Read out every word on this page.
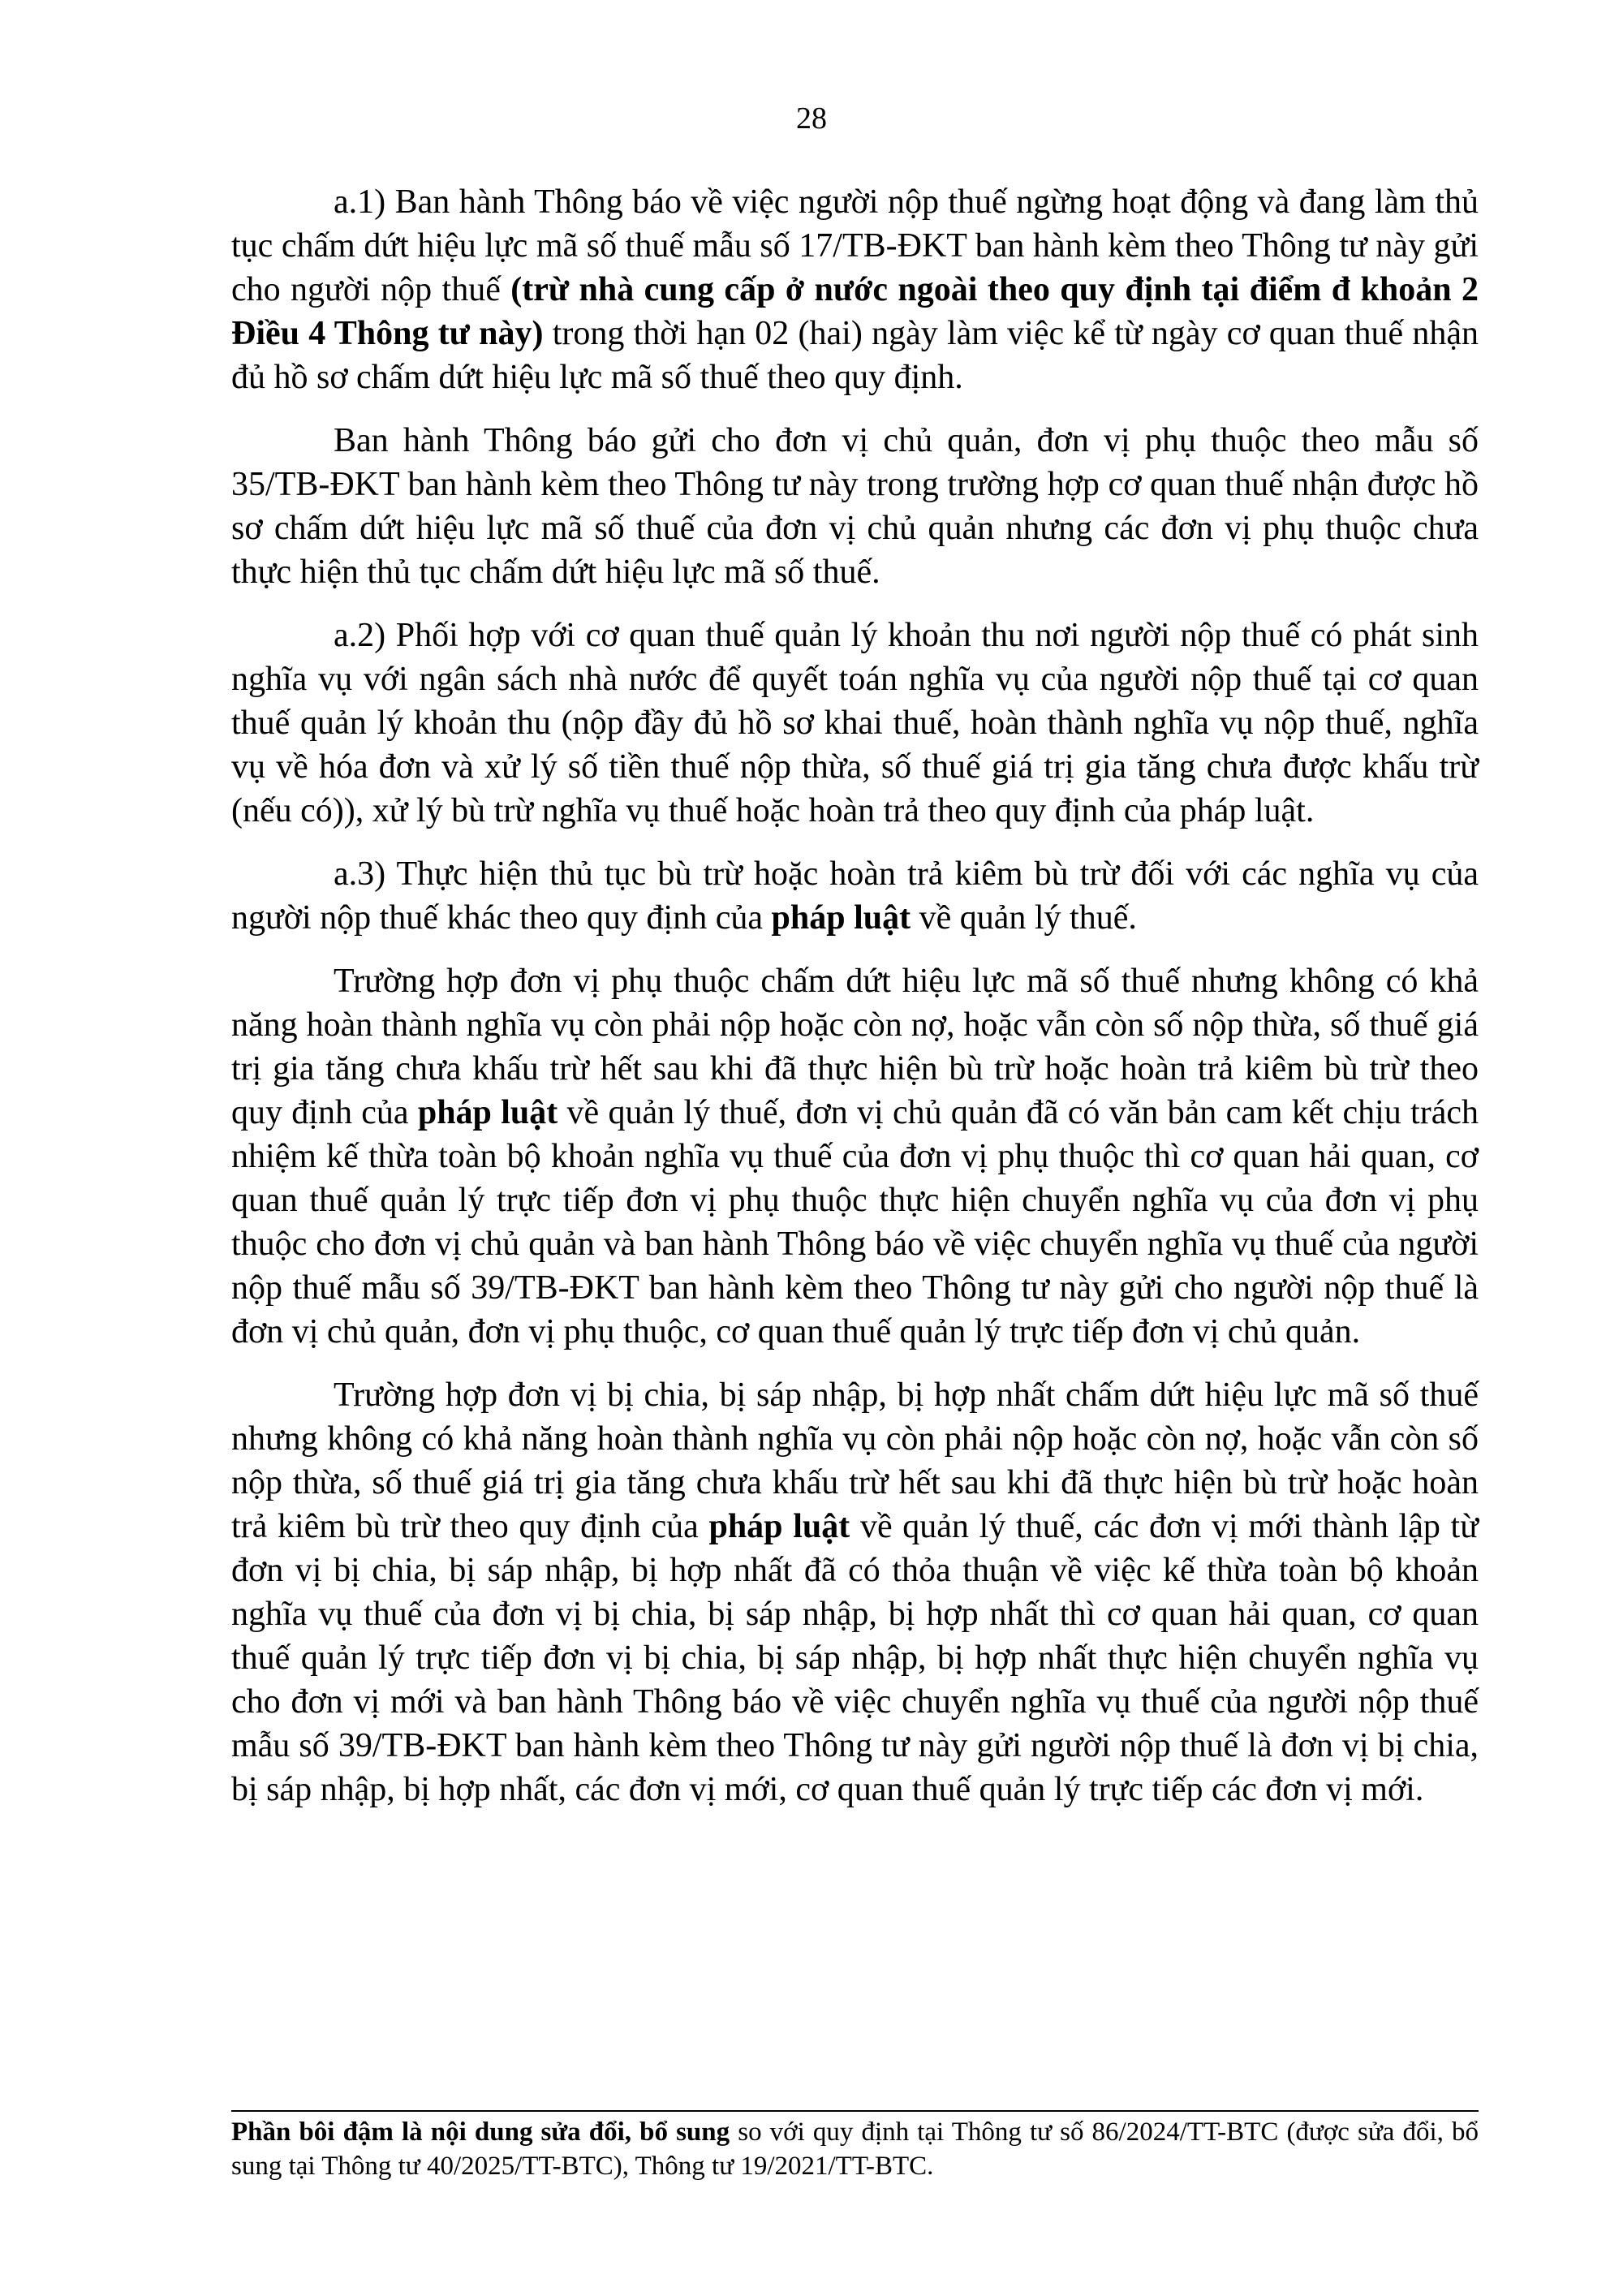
28

a.1) Ban hành Thông báo về việc người nộp thuế ngừng hoạt động và đang làm thủ tục chấm dứt hiệu lực mã số thuế mẫu số 17/TB-ĐKT ban hành kèm theo Thông tư này gửi cho người nộp thuế (trừ nhà cung cấp ở nước ngoài theo quy định tại điểm đ khoản 2 Điều 4 Thông tư này) trong thời hạn 02 (hai) ngày làm việc kể từ ngày cơ quan thuế nhận đủ hồ sơ chấm dứt hiệu lực mã số thuế theo quy định.

Ban hành Thông báo gửi cho đơn vị chủ quản, đơn vị phụ thuộc theo mẫu số 35/TB-ĐKT ban hành kèm theo Thông tư này trong trường hợp cơ quan thuế nhận được hồ sơ chấm dứt hiệu lực mã số thuế của đơn vị chủ quản nhưng các đơn vị phụ thuộc chưa thực hiện thủ tục chấm dứt hiệu lực mã số thuế.

a.2) Phối hợp với cơ quan thuế quản lý khoản thu nơi người nộp thuế có phát sinh nghĩa vụ với ngân sách nhà nước để quyết toán nghĩa vụ của người nộp thuế tại cơ quan thuế quản lý khoản thu (nộp đầy đủ hồ sơ khai thuế, hoàn thành nghĩa vụ nộp thuế, nghĩa vụ về hóa đơn và xử lý số tiền thuế nộp thừa, số thuế giá trị gia tăng chưa được khấu trừ (nếu có)), xử lý bù trừ nghĩa vụ thuế hoặc hoàn trả theo quy định của pháp luật.

a.3) Thực hiện thủ tục bù trừ hoặc hoàn trả kiêm bù trừ đối với các nghĩa vụ của người nộp thuế khác theo quy định của pháp luật về quản lý thuế.

Trường hợp đơn vị phụ thuộc chấm dứt hiệu lực mã số thuế nhưng không có khả năng hoàn thành nghĩa vụ còn phải nộp hoặc còn nợ, hoặc vẫn còn số nộp thừa, số thuế giá trị gia tăng chưa khấu trừ hết sau khi đã thực hiện bù trừ hoặc hoàn trả kiêm bù trừ theo quy định của pháp luật về quản lý thuế, đơn vị chủ quản đã có văn bản cam kết chịu trách nhiệm kế thừa toàn bộ khoản nghĩa vụ thuế của đơn vị phụ thuộc thì cơ quan hải quan, cơ quan thuế quản lý trực tiếp đơn vị phụ thuộc thực hiện chuyển nghĩa vụ của đơn vị phụ thuộc cho đơn vị chủ quản và ban hành Thông báo về việc chuyển nghĩa vụ thuế của người nộp thuế mẫu số 39/TB-ĐKT ban hành kèm theo Thông tư này gửi cho người nộp thuế là đơn vị chủ quản, đơn vị phụ thuộc, cơ quan thuế quản lý trực tiếp đơn vị chủ quản.

Trường hợp đơn vị bị chia, bị sáp nhập, bị hợp nhất chấm dứt hiệu lực mã số thuế nhưng không có khả năng hoàn thành nghĩa vụ còn phải nộp hoặc còn nợ, hoặc vẫn còn số nộp thừa, số thuế giá trị gia tăng chưa khấu trừ hết sau khi đã thực hiện bù trừ hoặc hoàn trả kiêm bù trừ theo quy định của pháp luật về quản lý thuế, các đơn vị mới thành lập từ đơn vị bị chia, bị sáp nhập, bị hợp nhất đã có thỏa thuận về việc kế thừa toàn bộ khoản nghĩa vụ thuế của đơn vị bị chia, bị sáp nhập, bị hợp nhất thì cơ quan hải quan, cơ quan thuế quản lý trực tiếp đơn vị bị chia, bị sáp nhập, bị hợp nhất thực hiện chuyển nghĩa vụ cho đơn vị mới và ban hành Thông báo về việc chuyển nghĩa vụ thuế của người nộp thuế mẫu số 39/TB-ĐKT ban hành kèm theo Thông tư này gửi người nộp thuế là đơn vị bị chia, bị sáp nhập, bị hợp nhất, các đơn vị mới, cơ quan thuế quản lý trực tiếp các đơn vị mới.

Phần bôi đậm là nội dung sửa đổi, bổ sung so với quy định tại Thông tư số 86/2024/TT-BTC (được sửa đổi, bổ sung tại Thông tư 40/2025/TT-BTC), Thông tư 19/2021/TT-BTC.
